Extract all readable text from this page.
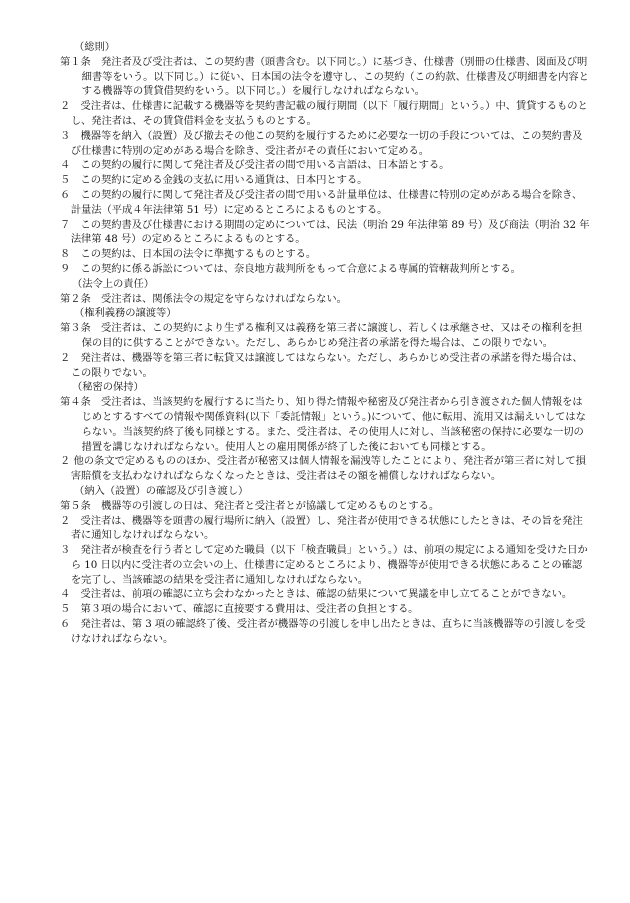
（総則）
第１条　発注者及び受注者は、この契約書（頭書含む。以下同じ。）に基づき、仕様書（別冊の仕様書、図面及び明細書等をいう。以下同じ。）に従い、日本国の法令を遵守し、この契約（この約款、仕様書及び明細書を内容とする機器等の賃貸借契約をいう。以下同じ。）を履行しなければならない。
２　受注者は、仕様書に記載する機器等を契約書記載の履行期間（以下「履行期間」という。）中、賃貸するものとし、発注者は、その賃貸借料金を支払うものとする。
３　機器等を納入（設置）及び撤去その他この契約を履行するために必要な一切の手段については、この契約書及び仕様書に特別の定めがある場合を除き、受注者がその責任において定める。
４　この契約の履行に関して発注者及び受注者の間で用いる言語は、日本語とする。
５　この契約に定める金銭の支払に用いる通貨は、日本円とする。
６　この契約の履行に関して発注者及び受注者の間で用いる計量単位は、仕様書に特別の定めがある場合を除き、計量法（平成４年法律第 51 号）に定めるところによるものとする。
７　この契約書及び仕様書における期間の定めについては、民法（明治 29 年法律第 89 号）及び商法（明治 32 年法律第 48 号）の定めるところによるものとする。
８　この契約は、日本国の法令に準拠するものとする。
９　この契約に係る訴訟については、奈良地方裁判所をもって合意による専属的管轄裁判所とする。
（法令上の責任）
第２条　受注者は、関係法令の規定を守らなければならない。
（権利義務の譲渡等）
第３条　受注者は、この契約により生ずる権利又は義務を第三者に譲渡し、若しくは承継させ、又はその権利を担保の目的に供することができない。ただし、あらかじめ発注者の承諾を得た場合は、この限りでない。
２　発注者は、機器等を第三者に転貸又は譲渡してはならない。ただし、あらかじめ受注者の承諾を得た場合は、この限りでない。
（秘密の保持）
第４条　受注者は、当該契約を履行するに当たり、知り得た情報や秘密及び発注者から引き渡された個人情報をはじめとするすべての情報や関係資料(以下「委託情報」という。)について、他に転用、流用又は漏えいしてはならない。当該契約終了後も同様とする。また、受注者は、その使用人に対し、当該秘密の保持に必要な一切の措置を講じなければならない。使用人との雇用関係が終了した後においても同様とする。
２ 他の条文で定めるもののほか、受注者が秘密又は個人情報を漏洩等したことにより、発注者が第三者に対して損害賠償を支払わなければならなくなったときは、受注者はその額を補償しなければならない。
（納入（設置）の確認及び引き渡し）
第５条　機器等の引渡しの日は、発注者と受注者とが協議して定めるものとする。
２　受注者は、機器等を頭書の履行場所に納入（設置）し、発注者が使用できる状態にしたときは、その旨を発注者に通知しなければならない。
３　発注者が検査を行う者として定めた職員（以下「検査職員」という。）は、前項の規定による通知を受けた日から 10 日以内に受注者の立会いの上、仕様書に定めるところにより、機器等が使用できる状態にあることの確認を完了し、当該確認の結果を受注者に通知しなければならない。
４　受注者は、前項の確認に立ち会わなかったときは、確認の結果について異議を申し立てることができない。
５　第３項の場合において、確認に直接要する費用は、受注者の負担とする。
６　発注者は、第 3 項の確認終了後、受注者が機器等の引渡しを申し出たときは、直ちに当該機器等の引渡しを受けなければならない。
